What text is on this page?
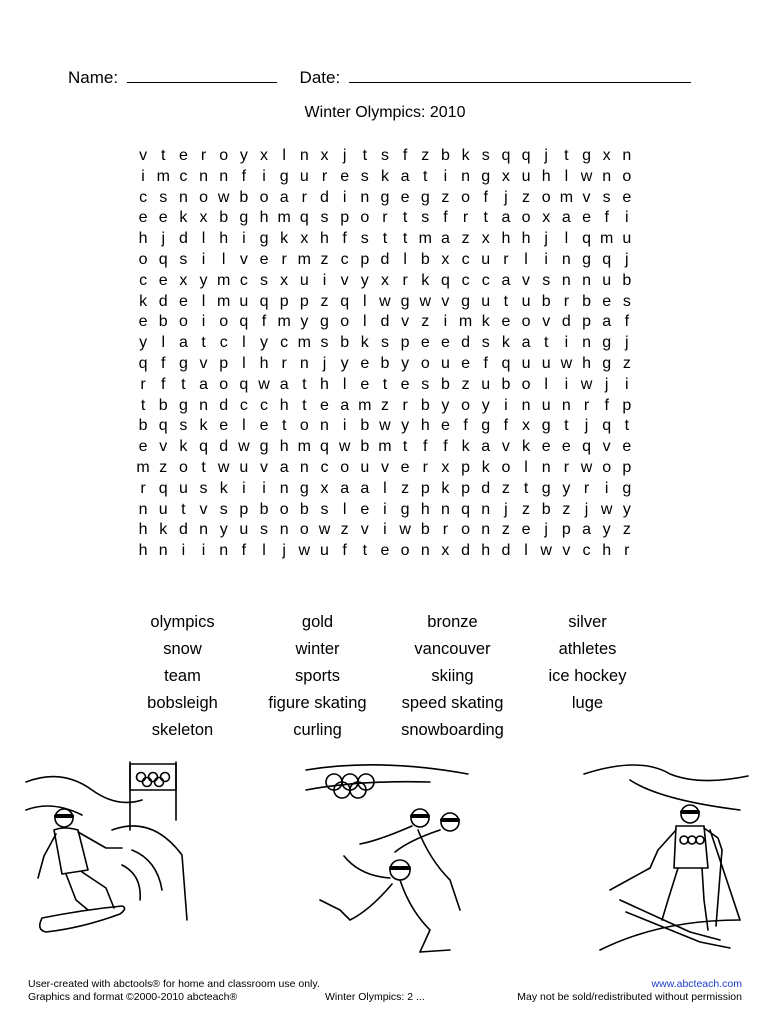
Name:	Date:
Winter Olympics: 2010
v t e r o y x l n x j	t s f z b k s q q j	t g x n
i m c n n f	i g u r e s k a t	i n g x u h l w n o
c s n o w b o a r d i n g e g z o f	j z o m v s e
e e k x b g h m q s p o r t s f r t a o x a e f	i
h j d l h i g k x h f s t t m a z x h h j	l q m u
o q s i	l v e r m z c p d l b x c u r l	i n g q j
c e x y m c s x u i v y x r k q c c a v s n n u b
k d e l m u q p p z q l w g w v g u t u b r b e s
e b o i o q f m y g o l d v z i m k e o v d p a f
y l a t c l y c m s b k s p e e d s k a t	i n g j
q f g v p l h r n j y e b y o u e f q u u w h g z
r f t a o q w a t h l e t e s b z u b o l	i w j	i
t b g n d c c h t e a m z r b y o y i n u n r f p
b q s k e l e t o n i b w y h e f g f x g t	j q t
e v k q d w g h m q w b m t f f k a v k e e q v e
m z o t w u v a n c o u v e r x p k o l n r w o p
r q u s k i	i n g x a a l z p k p d z t g y r i g
n u t v s p b o b s l e i g h n q n j z b z j w y
h k d n y u s n o w z v i w b r o n z e j p a y z
h n i	i n f	l	j w u f t e o n x d h d l w v c h r
olympics	gold	bronze	silver
snow	winter	vancouver	athletes
team	sports	skiing	ice hockey
bobsleigh	figure skating	speed skating	luge
skeleton	curling	snowboarding
User-created with abctools® for home and classroom use only.
Graphics and format ©2000-2010 abcteach®	Winter Olympics: 2 ...
www.abcteach.com
May not be sold/redistributed without permission
